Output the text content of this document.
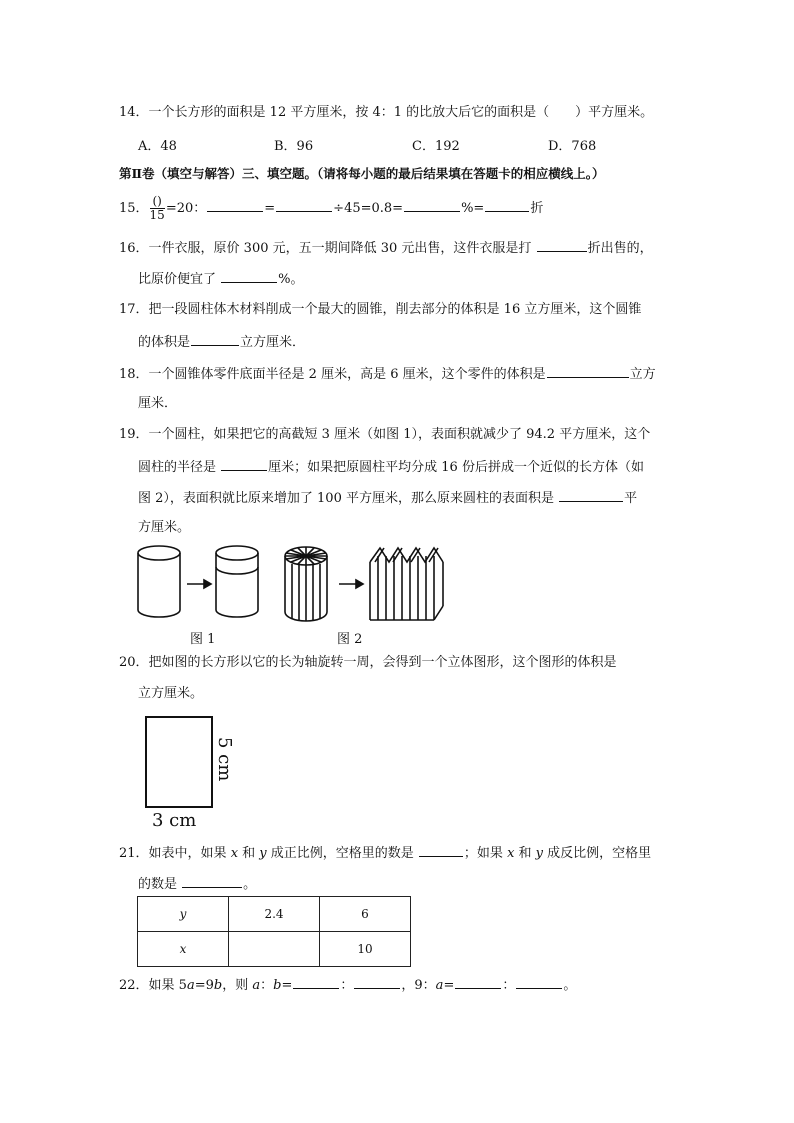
14．一个长方形的面积是 12 平方厘米，按 4：1 的比放大后它的面积是（　　）平方厘米。
A．48	B．96	C．192	D．768
第Ⅱ卷（填空与解答）三、填空题。（请将每小题的最后结果填在答题卡的相应横线上。）
15． $\frac{()}{15} =20$：	=	÷45=0.8=	%=	折
16．一件衣服，原价 300 元，五一期间降低 30 元出售，这件衣服是打	折出售的，
比原价便宜了	%。
17．把一段圆柱体木材料削成一个最大的圆锥，削去部分的体积是 16 立方厘米，这个圆锥
的体积是	立方厘米．
18．一个圆锥体零件底面半径是 2 厘米，高是 6 厘米，这个零件的体积是	立方
厘米．
19．一个圆柱，如果把它的高截短 3 厘米（如图 1），表面积就减少了 94.2 平方厘米，这个
圆柱的半径是	厘米；如果把原圆柱平均分成 16 份后拼成一个近似的长方体（如
图 2），表面积就比原来增加了 100 平方厘米，那么原来圆柱的表面积是	平
方厘米。
图 1	图 2
20．把如图的长方形以它的长为轴旋转一周，会得到一个立体图形，这个图形的体积是
立方厘米。
5 cm
3 cm
21．如表中，如果 x 和 y 成正比例，空格里的数是	；如果 x 和 y 成反比例，空格里
的数是	。
y	2.4	6
x		10
22．如果 5a=9b，则 a：b=	：	，9：a=	：	。
